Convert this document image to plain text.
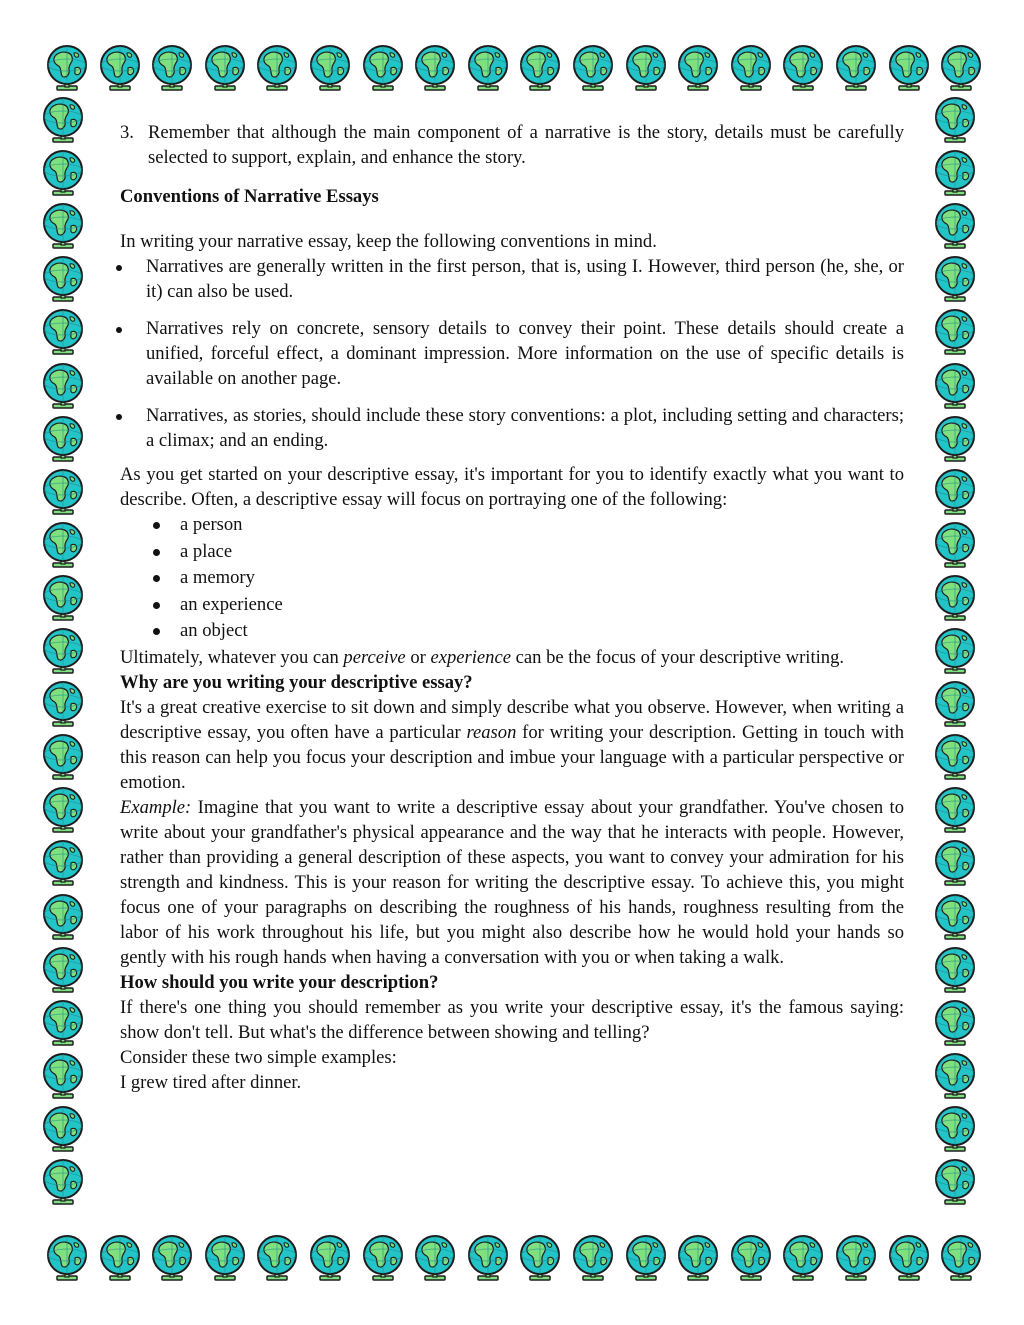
3. Remember that although the main component of a narrative is the story, details must be carefully selected to support, explain, and enhance the story.
Conventions of Narrative Essays

In writing your narrative essay, keep the following conventions in mind.

Narratives are generally written in the first person, that is, using I. However, third person (he, she, or it) can also be used.
Narratives rely on concrete, sensory details to convey their point. These details should create a unified, forceful effect, a dominant impression. More information on the use of specific details is available on another page.
Narratives, as stories, should include these story conventions: a plot, including setting and characters; a climax; and an ending.

As you get started on your descriptive essay, it's important for you to identify exactly what you want to describe. Often, a descriptive essay will focus on portraying one of the following:

a person
a place
a memory
an experience
an object

Ultimately, whatever you can perceive or experience can be the focus of your descriptive writing.

Why are you writing your descriptive essay?

It's a great creative exercise to sit down and simply describe what you observe. However, when writing a descriptive essay, you often have a particular reason for writing your description. Getting in touch with this reason can help you focus your description and imbue your language with a particular perspective or emotion.

Example: Imagine that you want to write a descriptive essay about your grandfather. You've chosen to write about your grandfather's physical appearance and the way that he interacts with people. However, rather than providing a general description of these aspects, you want to convey your admiration for his strength and kindness. This is your reason for writing the descriptive essay. To achieve this, you might focus one of your paragraphs on describing the roughness of his hands, roughness resulting from the labor of his work throughout his life, but you might also describe how he would hold your hands so gently with his rough hands when having a conversation with you or when taking a walk.

How should you write your description?

If there's one thing you should remember as you write your descriptive essay, it's the famous saying: show don't tell. But what's the difference between showing and telling?

Consider these two simple examples:

I grew tired after dinner.
